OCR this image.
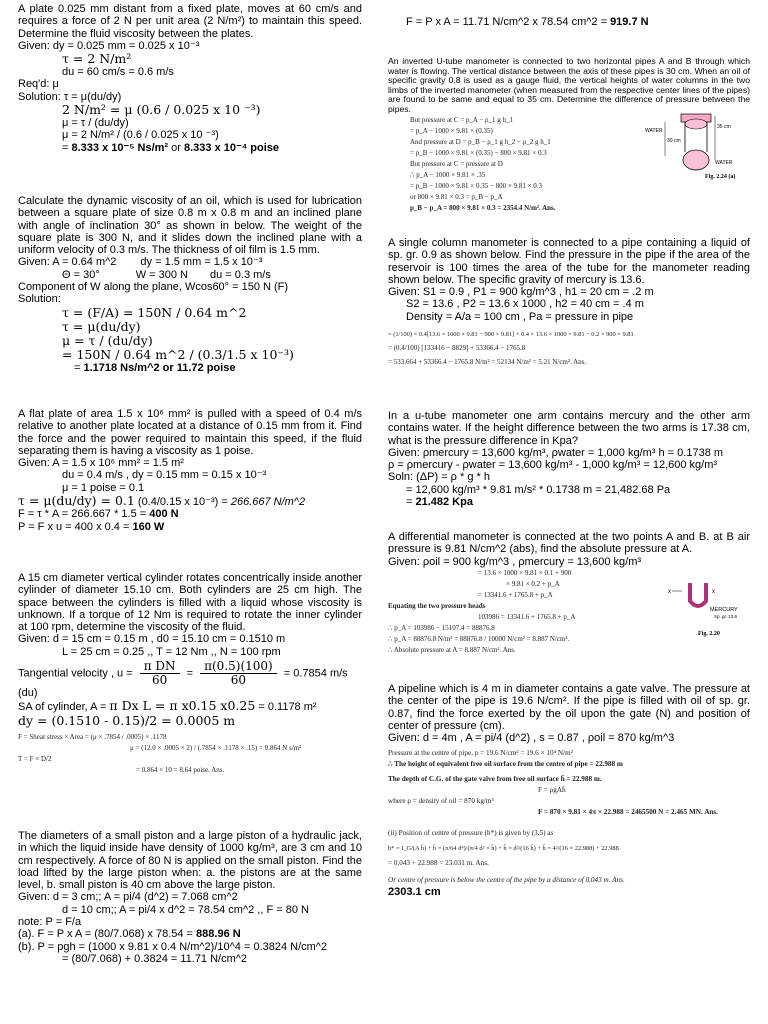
A plate 0.025 mm distant from a fixed plate, moves at 60 cm/s and requires a force of 2 N per unit area (2 N/m²) to maintain this speed. Determine the fluid viscosity between the plates.
Given: dy = 0.025 mm = 0.025 x 10⁻³
τ = 2 N/m²
du = 60 cm/s = 0.6 m/s
Req'd: μ
Solution: τ = μ(du/dy)
2 N/m² = μ (0.6 / 0.025 x 10 ⁻³)
μ = τ / (du/dy)
μ = 2 N/m² / (0.6 / 0.025 x 10 ⁻³)
= 8.333 x 10⁻⁵ Ns/m² or 8.333 x 10⁻⁴ poise
Calculate the dynamic viscosity of an oil, which is used for lubrication between a square plate of size 0.8 m x 0.8 m and an inclined plane with angle of inclination 30° as shown in below. The weight of the square plate is 300 N, and it slides down the inclined plane with a uniform velocity of 0.3 m/s. The thickness of oil film is 1.5 mm.
Given: A = 0.64 m^2 dy = 1.5 mm = 1.5 x 10⁻³
Θ = 30°	W = 300 N du = 0.3 m/s
Component of W along the plane, Wcos60° = 150 N (F)
Solution:
τ = (F/A) = 150N / 0.64 m^2
τ = μ(du/dy)
μ = τ / (du/dy)
= 150N / 0.64 m^2 / (0.3/1.5 x 10⁻³)
= 1.1718 Ns/m^2 or 11.72 poise
A flat plate of area 1.5 x 10⁶ mm² is pulled with a speed of 0.4 m/s relative to another plate located at a distance of 0.15 mm from it. Find the force and the power required to maintain this speed, if the fluid separating them is having a viscosity as 1 poise.
Given: A = 1.5 x 10⁶ mm² = 1.5 m²
du = 0.4 m/s , dy = 0.15 mm = 0.15 x 10⁻³
μ = 1 poise = 0.1
τ = μ(du/dy) = 0.1 (0.4/0.15 x 10⁻³) = 266.667 N/m^2
F = τ * A = 266.667 * 1.5 = 400 N
P = F x u = 400 x 0.4 = 160 W
A 15 cm diameter vertical cylinder rotates concentrically inside another cylinder of diameter 15.10 cm. Both cylinders are 25 cm high. The space between the cylinders is filled with a liquid whose viscosity is unknown. If a torque of 12 Nm is required to rotate the inner cylinder at 100 rpm, determine the viscosity of the fluid.
Given: d = 15 cm = 0.15 m , d0 = 15.10 cm = 0.1510 m
L = 25 cm = 0.25 ,, T = 12 Nm ,, N = 100 rpm
Tangential velocity , $u = \frac{\text{π DN}}{60} = \frac{\pi(0.5)(100)}{60} = 0.7854$ m/s
(du)
SA of cylinder, A = π Dx L = π x0.15 x0.25 = 0.1178 m²
dy = (0.1510 - 0.15)/2 = 0.0005 m
F = Shear stress × Area = (μ × .7854 / .0005) × .1178
μ = (12.0 × .0005 × 2) / (.7854 × .1178 × .15) = 0.864 N s/m²
T = F × D/2
= 0.864 × 10 = 8.64 poise. Ans.
The diameters of a small piston and a large piston of a hydraulic jack, in which the liquid inside have density of 1000 kg/m³, are 3 cm and 10 cm respectively. A force of 80 N is applied on the small piston. Find the load lifted by the large piston when: a. the pistons are at the same level, b. small piston is 40 cm above the large piston.
Given: d = 3 cm;; A = pi/4 (d^2) = 7.068 cm^2
d = 10 cm;; A = pi/4 x d^2 = 78.54 cm^2 ,, F = 80 N
note: P = F/a
(a). F = P x A = (80/7.068) x 78.54 = 888.96 N
(b). P = pgh = (1000 x 9.81 x 0.4 N/m^2)/10^4 = 0.3824 N/cm^2
= (80/7.068) + 0.3824 = 11.71 N/cm^2
F = P x A = 11.71 N/cm^2 x 78.54 cm^2 = 919.7 N
An inverted U-tube manometer is connected to two horizontal pipes A and B through which water is flowing. The vertical distance between the axis of these pipes is 30 cm. When an oil of specific gravity 0.8 is used as a gauge fluid, the vertical heights of water columns in the two limbs of the inverted manometer (when measured from the respective center lines of the pipes) are found to be same and equal to 35 cm. Determine the difference of pressure between the pipes.
But pressure at C = p_A − ρ_1 g h_1
= p_A − 1000 × 9.81 × (0.35)
And pressure at D = p_B − ρ_1 g h_2 − ρ_2 g h_1
= p_B − 1000 × 9.81 × (0.35) − 800 × 9.81 × 0.3
But pressure at C = pressure at D
∴ p_A − 1000 × 9.81 × .35
= p_B − 1000 × 9.81 × 0.35 − 800 × 9.81 × 0.3
or 800 × 9.81 × 0.3 = p_B − p_A
p_B − p_A = 800 × 9.81 × 0.3 = 2354.4 N/m². Ans.
WATER
30 cm
35 cm
WATER
Fig. 2.24 (a)
A single column manometer is connected to a pipe containing a liquid of sp. gr. 0.9 as shown below. Find the pressure in the pipe if the area of the reservoir is 100 times the area of the tube for the manometer reading shown below. The specific gravity of mercury is 13.6.
Given: S1 = 0.9 , P1 = 900 kg/m^3 , h1 = 20 cm = .2 m
S2 = 13.6 , P2 = 13.6 x 1000 , h2 = 40 cm = .4 m
Density = A/a = 100 cm , Pa = pressure in pipe
= (1/100) × 0.4[13.6 × 1000 × 9.81 − 900 × 9.81] + 0.4 × 13.6 × 1000 × 9.81 − 0.2 × 900 × 9.81
= (0.4/100) [133416 − 8829] + 53366.4 − 1765.8
= 533.664 + 53366.4 − 1765.8 N/m² = 52134 N/m² = 5.21 N/cm². Ans.
In a u-tube manometer one arm contains mercury and the other arm contains water. If the height difference between the two arms is 17.38 cm, what is the pressure difference in Kpa?
Given: ρmercury = 13,600 kg/m³, ρwater = 1,000 kg/m³ h = 0.1738 m
ρ = ρmercury - ρwater = 13,600 kg/m³ - 1,000 kg/m³ = 12,600 kg/m³
Soln: (ΔP) = ρ * g * h
= 12,600 kg/m³ * 9.81 m/s² * 0.1738 m = 21,482.68 Pa
= 21.482 Kpa
A differential manometer is connected at the two points A and B. at B air pressure is 9.81 N/cm^2 (abs), find the absolute pressure at A.
Given: ρoil = 900 kg/m^3 , ρmercury = 13,600 kg/m³
= 13.6 × 1000 × 9.81 × 0.1 + 900
× 9.81 × 0.2 + p_A
= 13341.6 + 1765.8 + p_A
Equating the two pressure heads
103986 = 13341.6 + 1765.8 + p_A
∴ p_A = 103986 − 15107.4 = 88876.8
∴ p_A = 88876.8 N/m² = 88876.8 / 10000 N/cm² = 8.887 N/cm².
∴ Absolute pressure at A = 8.887 N/cm². Ans.
x	x
MERCURY
Sp. gr. 13.6
Fig. 2.20
A pipeline which is 4 m in diameter contains a gate valve. The pressure at the center of the pipe is 19.6 N/cm². If the pipe is filled with oil of sp. gr. 0.87, find the force exerted by the oil upon the gate (N) and position of center of pressure (cm).
Given: d = 4m , A = pi/4 (d^2) , s = 0.87 , ρoil = 870 kg/m^3
Pressure at the centre of pipe, p = 19.6 N/cm² = 19.6 × 10⁴ N/m²
∴ The height of equivalent free oil surface from the centre of pipe = 22.988 m
The depth of C.G. of the gate valve from free oil surface h̄ = 22.988 m.
F = ρgAh̄
where ρ = density of oil = 870 kg/m³
F = 870 × 9.81 × 4π × 22.988 = 2465500 N = 2.465 MN. Ans.
(ii) Position of centre of pressure (h*) is given by (3.5) as
h* = I_G/(A h̄) + h̄ = (π/64 d⁴)/(π/4 d² × h̄) + h̄ = d²/(16 h̄) + h̄ = 4²/(16 × 22.988) + 22.988
= 0.043 + 22.988 = 23.031 m. Ans.
Or centre of pressure is below the centre of the pipe by a distance of 0.043 m. Ans.
2303.1 cm
